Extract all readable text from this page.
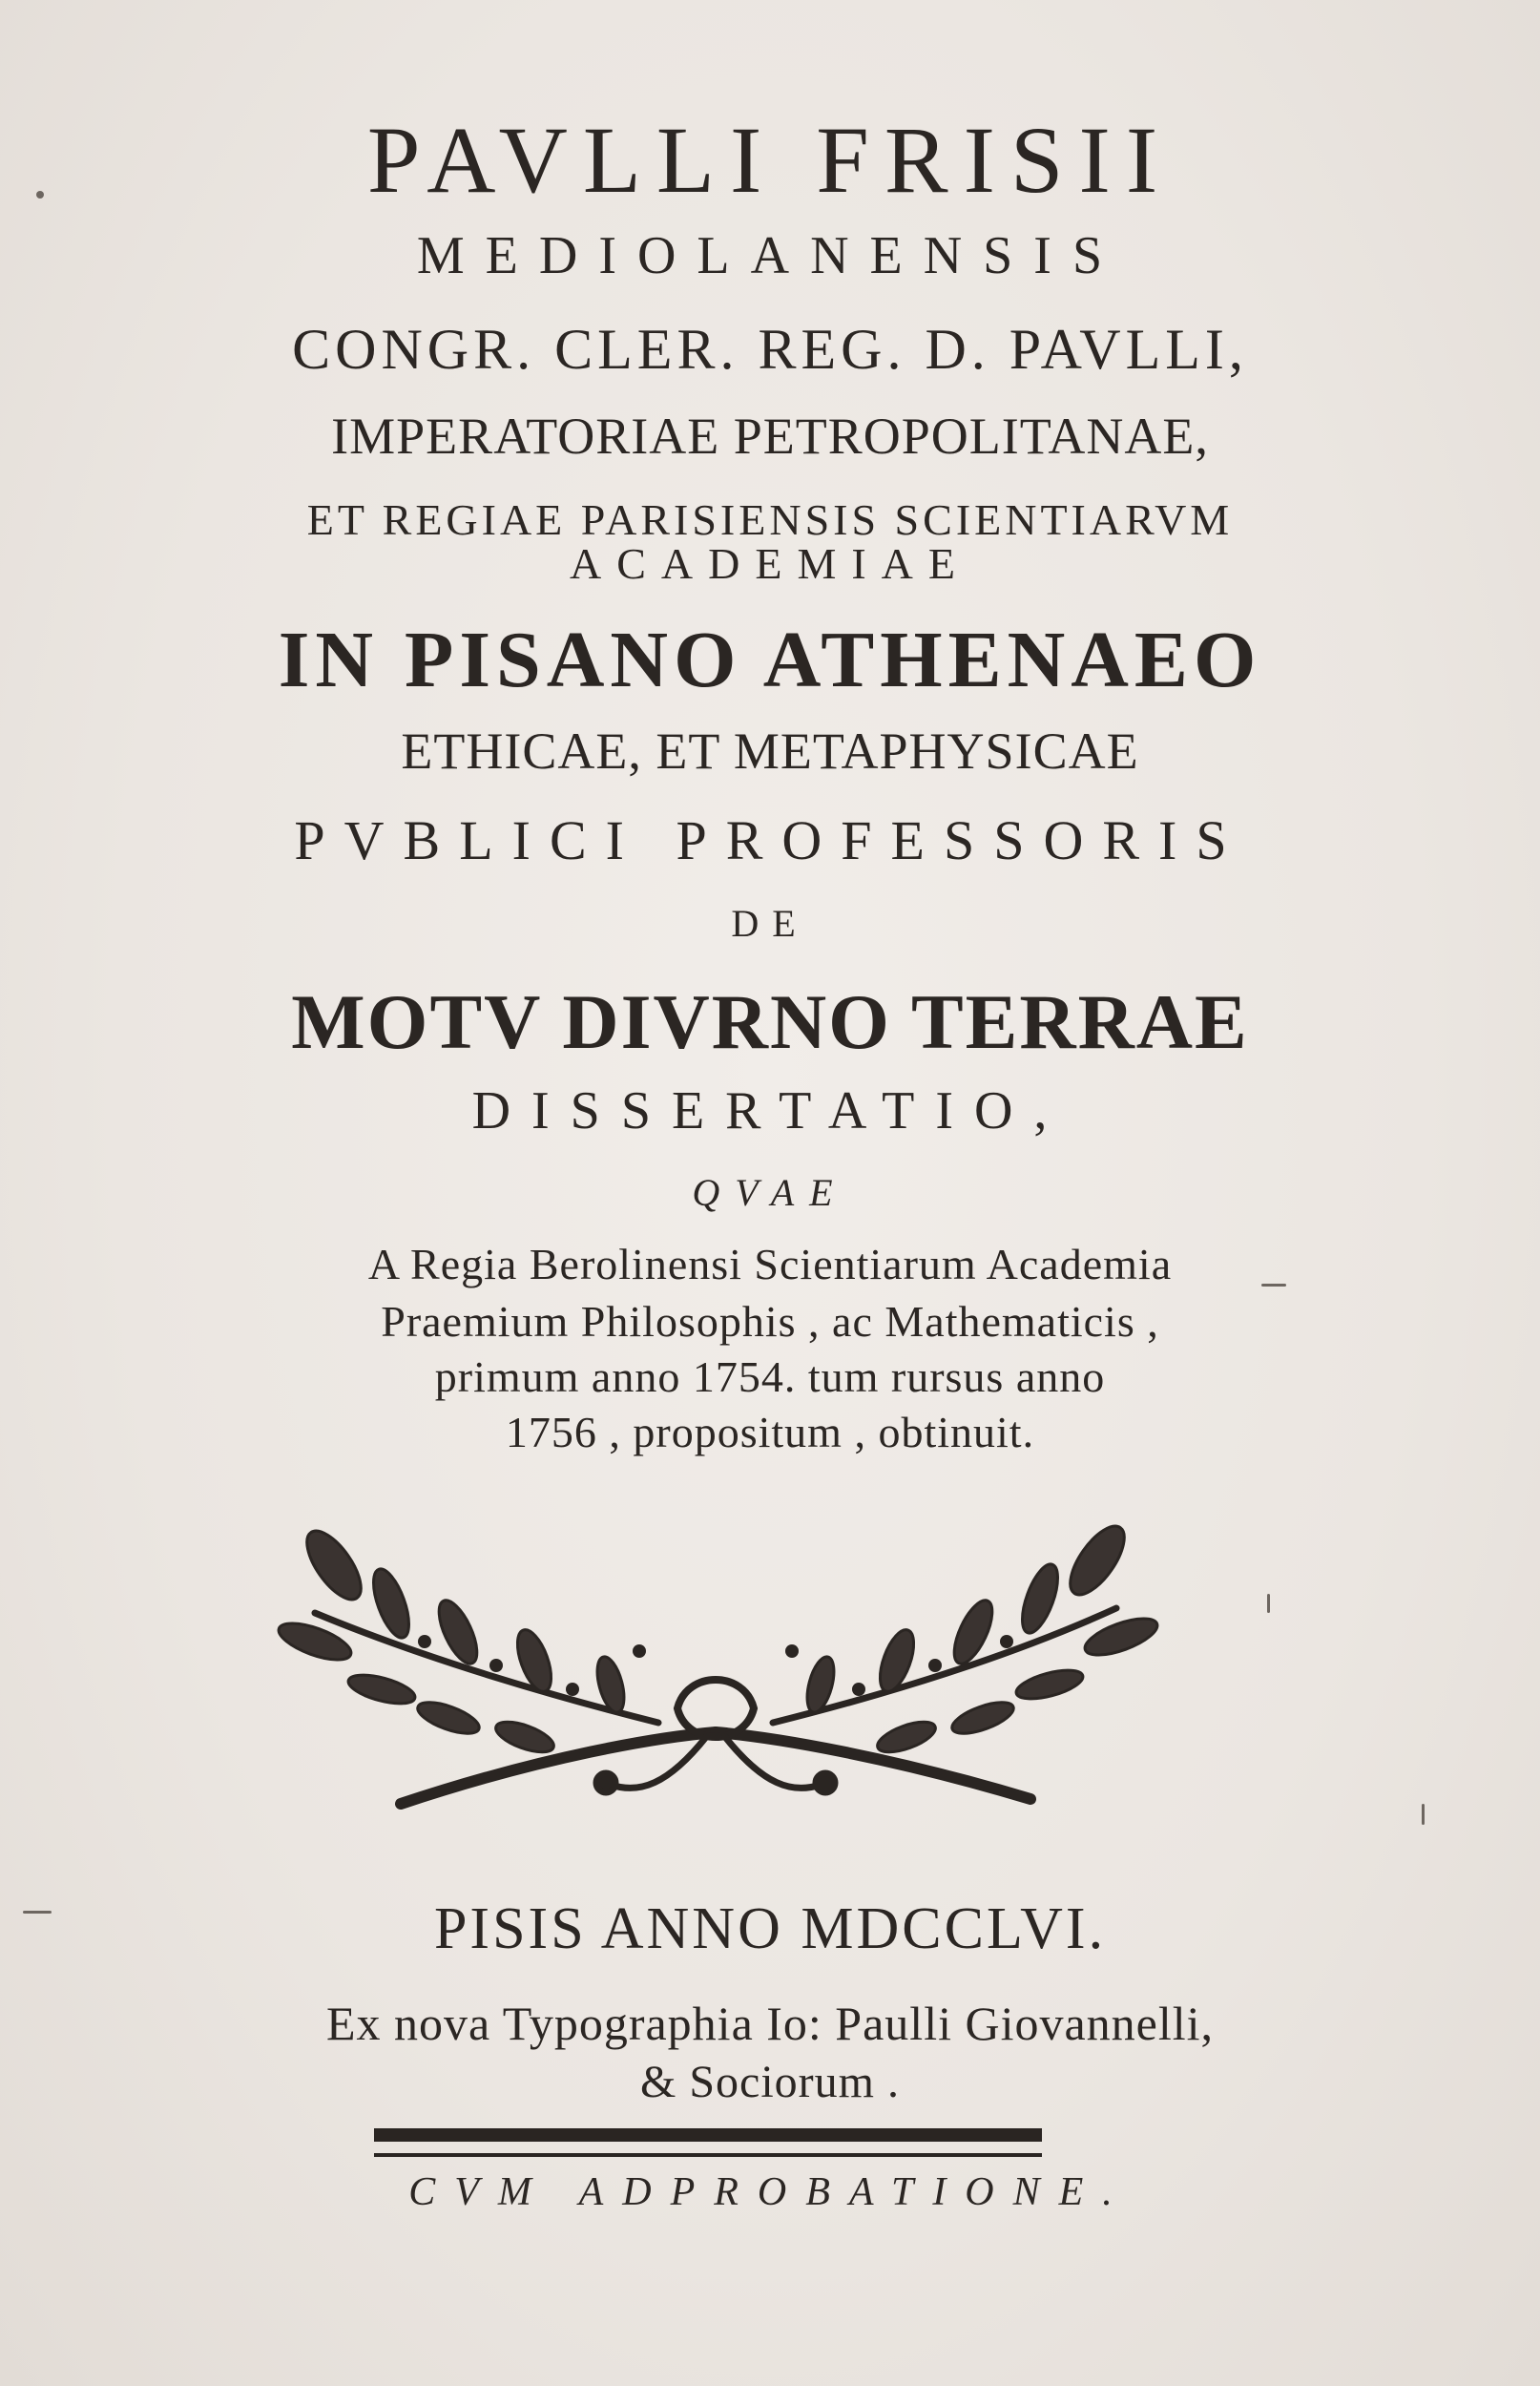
PAVLLI FRISII
MEDIOLANENSIS
CONGR. CLER. REG. D. PAVLLI,
IMPERATORIAE PETROPOLITANAE,
ET REGIAE PARISIENSIS SCIENTIARVM
ACADEMIAE
IN PISANO ATHENAEO
ETHICAE, ET METAPHYSICAE
PVBLICI PROFESSORIS
DE
MOTV DIVRNO TERRAE
DISSERTATIO,
QVAE
A Regia Berolinensi Scientiarum Academia
Praemium Philosophis , ac Mathematicis ,
primum anno 1754. tum rursus anno
1756 , propositum , obtinuit.
PISIS ANNO MDCCLVI.
Ex nova Typographia Io: Paulli Giovannelli,
& Sociorum .
CVM ADPROBATIONE.
